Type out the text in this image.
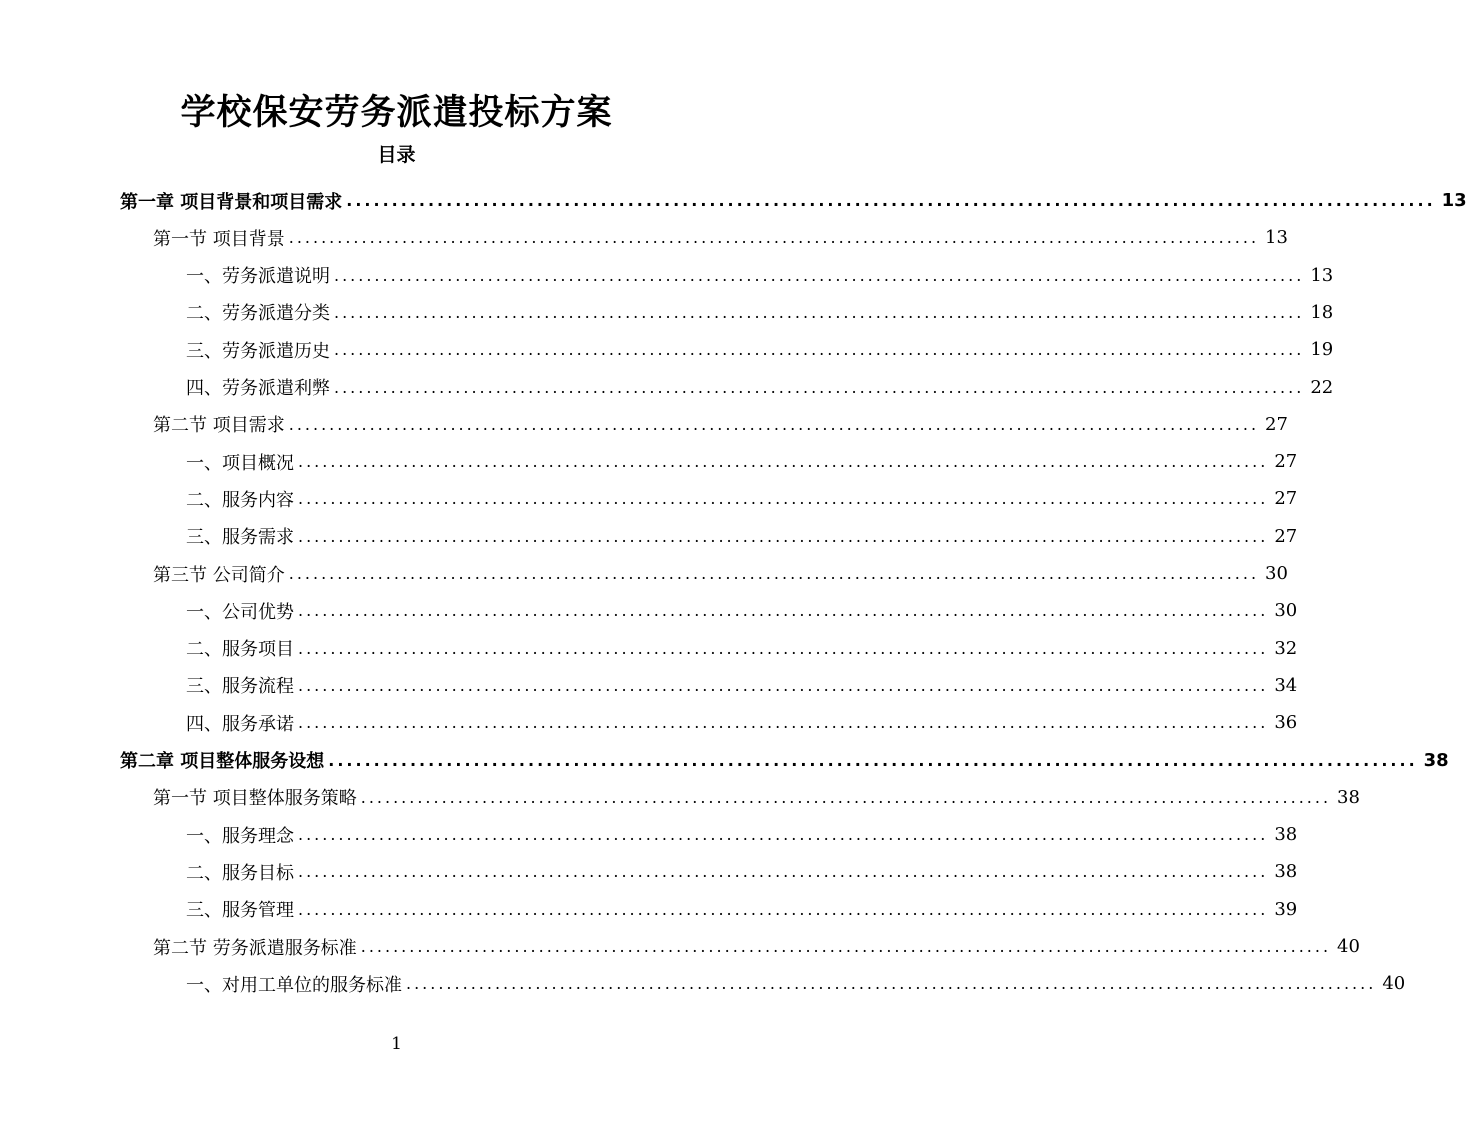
学校保安劳务派遣投标方案
目录
第一章 项目背景和项目需求 ........................................................................................................................ 13
第一节 项目背景 ........................................................................................................................ 13
一、劳务派遣说明 ........................................................................................................................ 13
二、劳务派遣分类 ........................................................................................................................ 18
三、劳务派遣历史 ........................................................................................................................ 19
四、劳务派遣利弊 ........................................................................................................................ 22
第二节 项目需求 ........................................................................................................................ 27
一、项目概况 ........................................................................................................................ 27
二、服务内容 ........................................................................................................................ 27
三、服务需求 ........................................................................................................................ 27
第三节 公司简介 ........................................................................................................................ 30
一、公司优势 ........................................................................................................................ 30
二、服务项目 ........................................................................................................................ 32
三、服务流程 ........................................................................................................................ 34
四、服务承诺 ........................................................................................................................ 36
第二章 项目整体服务设想 ........................................................................................................................ 38
第一节 项目整体服务策略 ........................................................................................................................ 38
一、服务理念 ........................................................................................................................ 38
二、服务目标 ........................................................................................................................ 38
三、服务管理 ........................................................................................................................ 39
第二节 劳务派遣服务标准 ........................................................................................................................ 40
一、对用工单位的服务标准 ........................................................................................................................ 40
1
